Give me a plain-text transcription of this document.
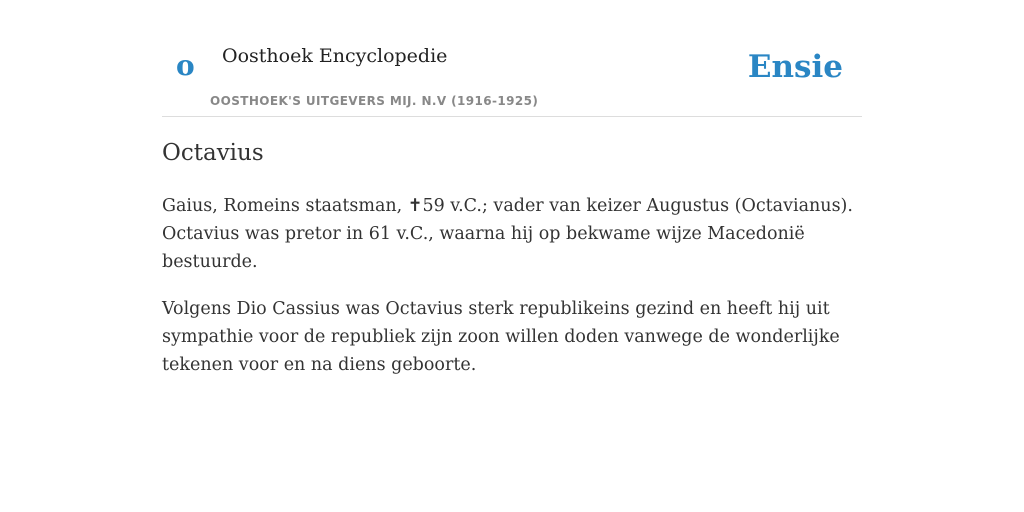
o Oosthoek Encyclopedie
OOSTHOEK'S UITGEVERS MIJ. N.V (1916-1925)
Ensie
Octavius

Gaius, Romeins staatsman, ✝59 v.C.; vader van keizer Augustus (Octavianus). Octavius was pretor in 61 v.C., waarna hij op bekwame wijze Macedonië bestuurde.

Volgens Dio Cassius was Octavius sterk republikeins gezind en heeft hij uit sympathie voor de republiek zijn zoon willen doden vanwege de wonderlijke tekenen voor en na diens geboorte.
